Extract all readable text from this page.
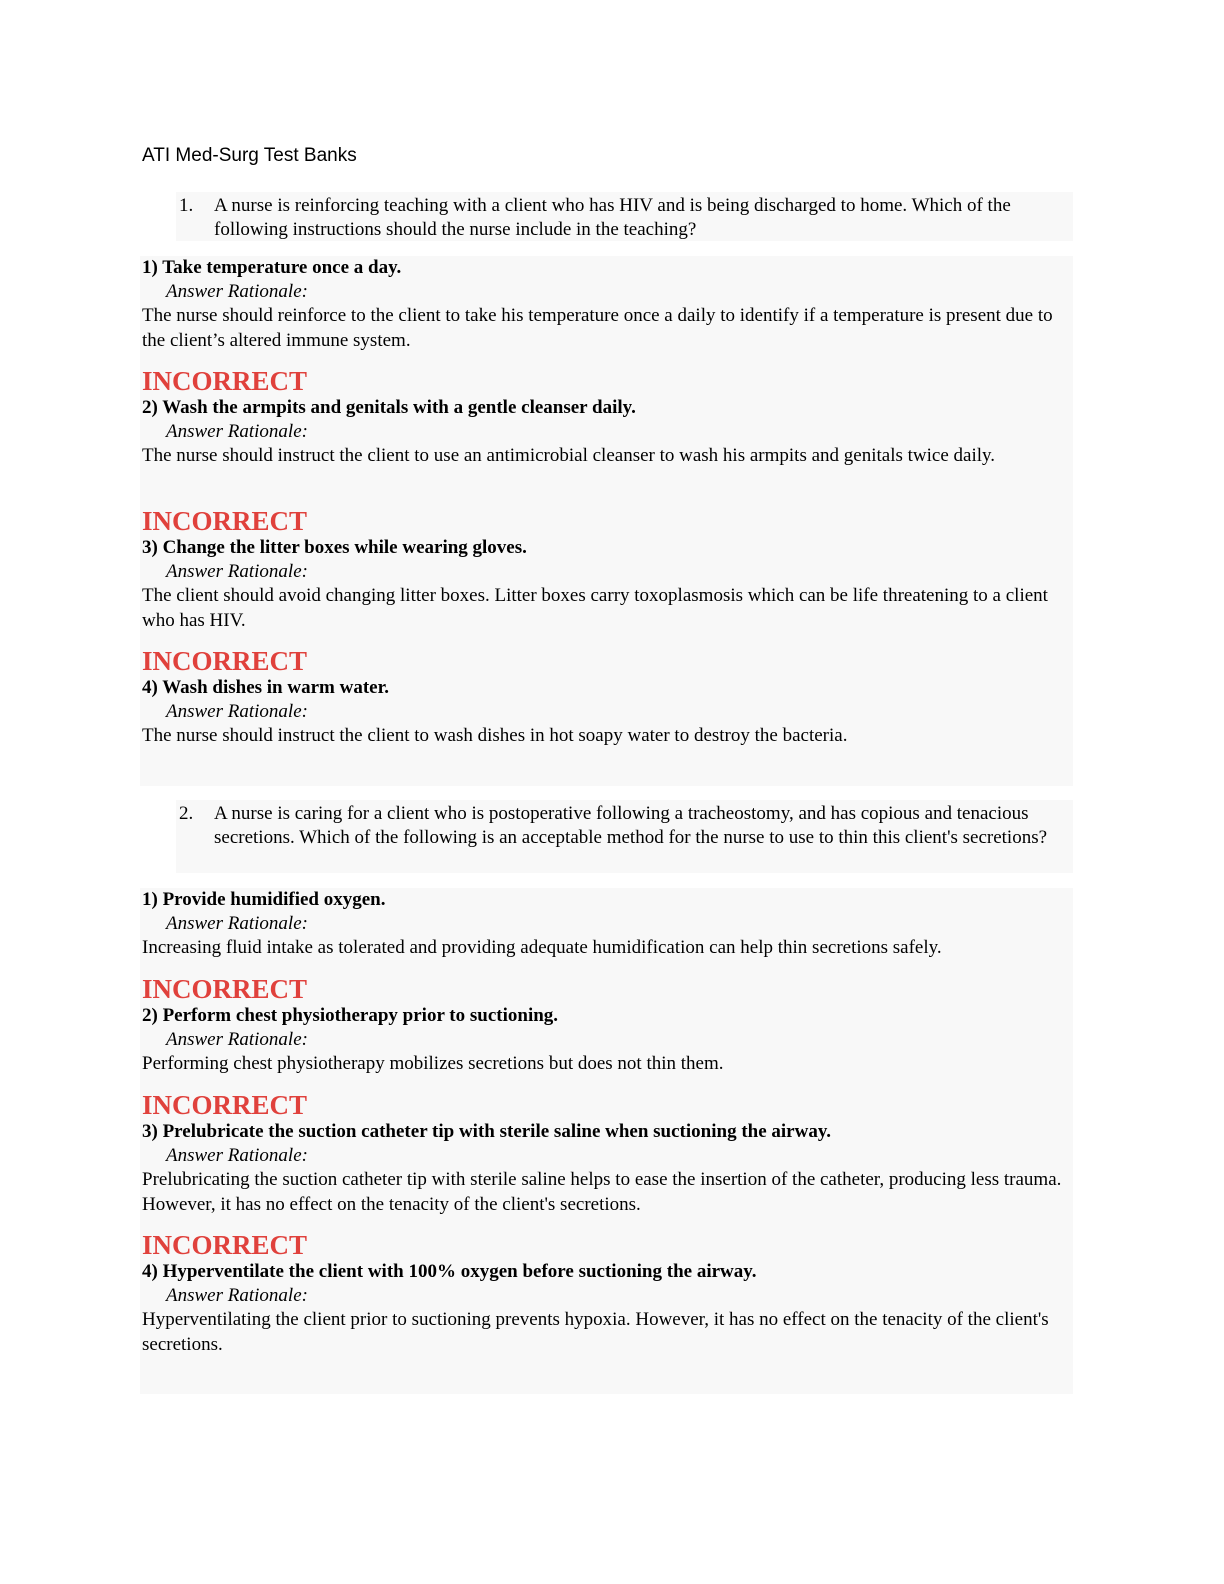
ATI Med-Surg Test Banks
1. A nurse is reinforcing teaching with a client who has HIV and is being discharged to home. Which of the following instructions should the nurse include in the teaching?
1) Take temperature once a day.
Answer Rationale:
The nurse should reinforce to the client to take his temperature once a daily to identify if a temperature is present due to the client’s altered immune system.
INCORRECT
2) Wash the armpits and genitals with a gentle cleanser daily.
Answer Rationale:
The nurse should instruct the client to use an antimicrobial cleanser to wash his armpits and genitals twice daily.
INCORRECT
3) Change the litter boxes while wearing gloves.
Answer Rationale:
The client should avoid changing litter boxes. Litter boxes carry toxoplasmosis which can be life threatening to a client who has HIV.
INCORRECT
4) Wash dishes in warm water.
Answer Rationale:
The nurse should instruct the client to wash dishes in hot soapy water to destroy the bacteria.
2. A nurse is caring for a client who is postoperative following a tracheostomy, and has copious and tenacious secretions. Which of the following is an acceptable method for the nurse to use to thin this client's secretions?
1) Provide humidified oxygen.
Answer Rationale:
Increasing fluid intake as tolerated and providing adequate humidification can help thin secretions safely.
INCORRECT
2) Perform chest physiotherapy prior to suctioning.
Answer Rationale:
Performing chest physiotherapy mobilizes secretions but does not thin them.
INCORRECT
3) Prelubricate the suction catheter tip with sterile saline when suctioning the airway.
Answer Rationale:
Prelubricating the suction catheter tip with sterile saline helps to ease the insertion of the catheter, producing less trauma. However, it has no effect on the tenacity of the client's secretions.
INCORRECT
4) Hyperventilate the client with 100% oxygen before suctioning the airway.
Answer Rationale:
Hyperventilating the client prior to suctioning prevents hypoxia. However, it has no effect on the tenacity of the client's secretions.
